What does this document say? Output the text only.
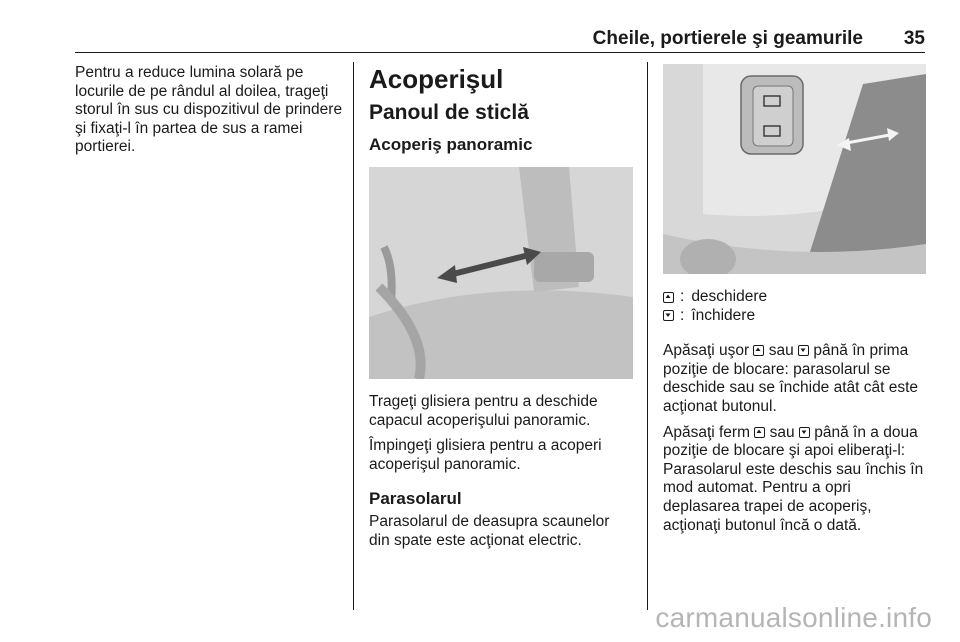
Cheile, portierele şi geamurile 35

Pentru a reduce lumina solară pe locurile de pe rândul al doilea, trageţi storul în sus cu dispozitivul de prindere şi fixaţi-l în partea de sus a ramei portierei.

Acoperişul
Panoul de sticlă
Acoperiş panoramic

Trageţi glisiera pentru a deschide capacul acoperişului panoramic.

Împingeţi glisiera pentru a acoperi acoperişul panoramic.

Parasolarul

Parasolarul de deasupra scaunelor din spate este acţionat electric.

: deschidere
: închidere

Apăsaţi uşor sau până în prima poziţie de blocare: parasolarul se deschide sau se închide atât cât este acţionat butonul.

Apăsaţi ferm sau până în a doua poziţie de blocare şi apoi eliberaţi-l: Parasolarul este deschis sau închis în mod automat. Pentru a opri deplasarea trapei de acoperiş, acţionaţi butonul încă o dată.

carmanualsonline.info
